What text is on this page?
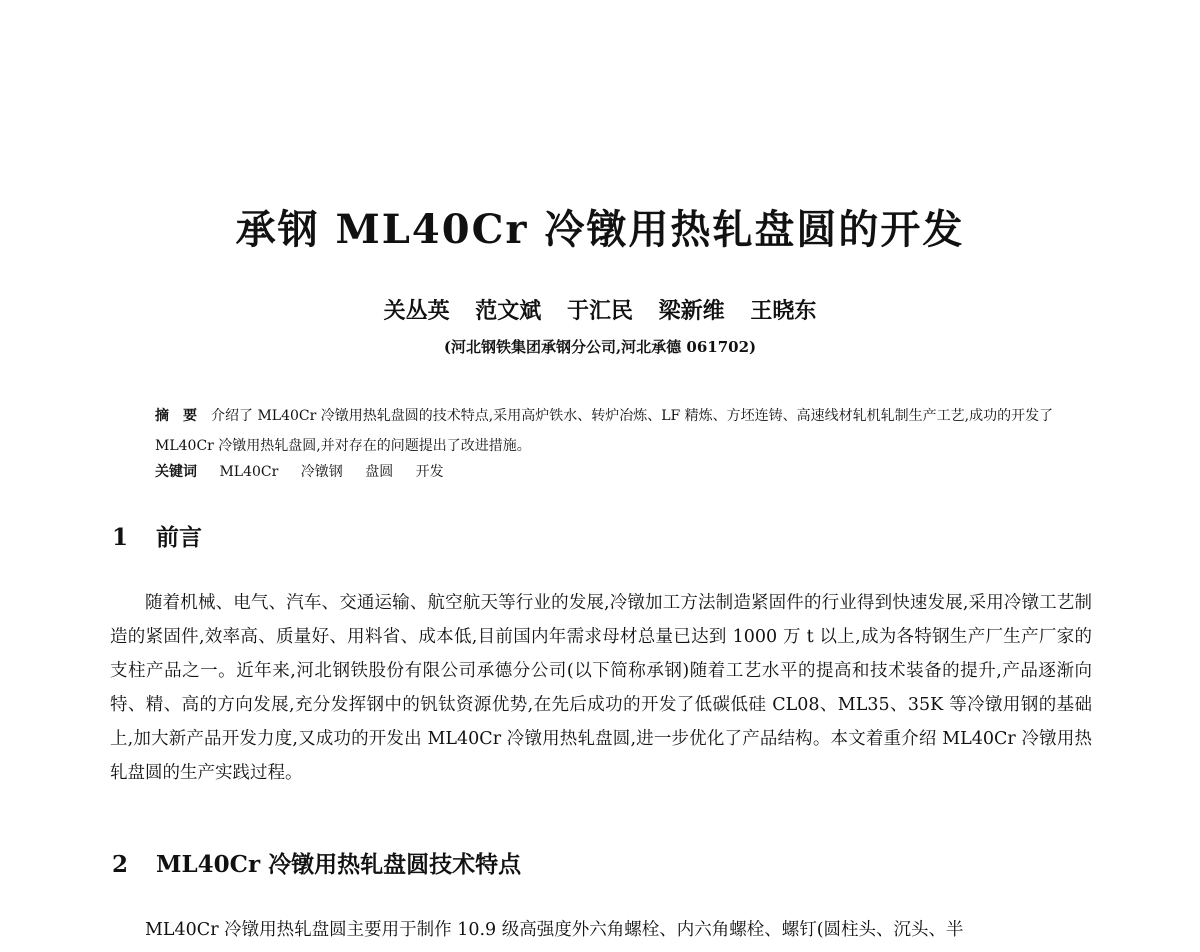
承钢 ML40Cr 冷镦用热轧盘圆的开发
关丛英 范文斌 于汇民 梁新维 王晓东
(河北钢铁集团承钢分公司,河北承德 061702)
摘　要 介绍了 ML40Cr 冷镦用热轧盘圆的技术特点,采用高炉铁水、转炉冶炼、LF 精炼、方坯连铸、高速线材轧机轧制生产工艺,成功的开发了 ML40Cr 冷镦用热轧盘圆,并对存在的问题提出了改进措施。
关键词 ML40Cr 冷镦钢 盘圆 开发
1 前言
随着机械、电气、汽车、交通运输、航空航天等行业的发展,冷镦加工方法制造紧固件的行业得到快速发展,采用冷镦工艺制造的紧固件,效率高、质量好、用料省、成本低,目前国内年需求母材总量已达到 1000 万 t 以上,成为各特钢生产厂生产厂家的支柱产品之一。近年来,河北钢铁股份有限公司承德分公司(以下简称承钢)随着工艺水平的提高和技术装备的提升,产品逐渐向特、精、高的方向发展,充分发挥钢中的钒钛资源优势,在先后成功的开发了低碳低硅 CL08、ML35、35K 等冷镦用钢的基础上,加大新产品开发力度,又成功的开发出 ML40Cr 冷镦用热轧盘圆,进一步优化了产品结构。本文着重介绍 ML40Cr 冷镦用热轧盘圆的生产实践过程。
2 ML40Cr 冷镦用热轧盘圆技术特点
ML40Cr 冷镦用热轧盘圆主要用于制作 10.9 级高强度外六角螺栓、内六角螺栓、螺钉(圆柱头、沉头、半
